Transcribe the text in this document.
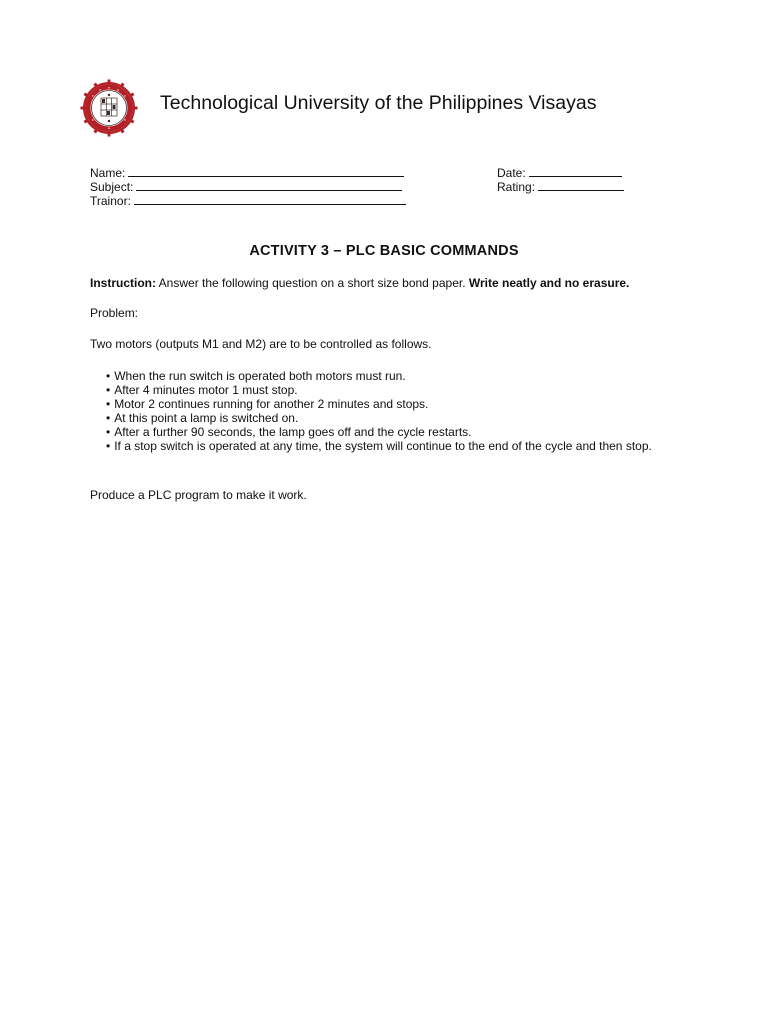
Technological University of the Philippines Visayas
Name:
Subject:
Trainor:
Date:
Rating:
ACTIVITY 3 – PLC BASIC COMMANDS
Instruction: Answer the following question on a short size bond paper. Write neatly and no erasure.
Problem:
Two motors (outputs M1 and M2) are to be controlled as follows.
• When the run switch is operated both motors must run.
• After 4 minutes motor 1 must stop.
• Motor 2 continues running for another 2 minutes and stops.
• At this point a lamp is switched on.
• After a further 90 seconds, the lamp goes off and the cycle restarts.
• If a stop switch is operated at any time, the system will continue to the end of the cycle and then stop.
Produce a PLC program to make it work.
